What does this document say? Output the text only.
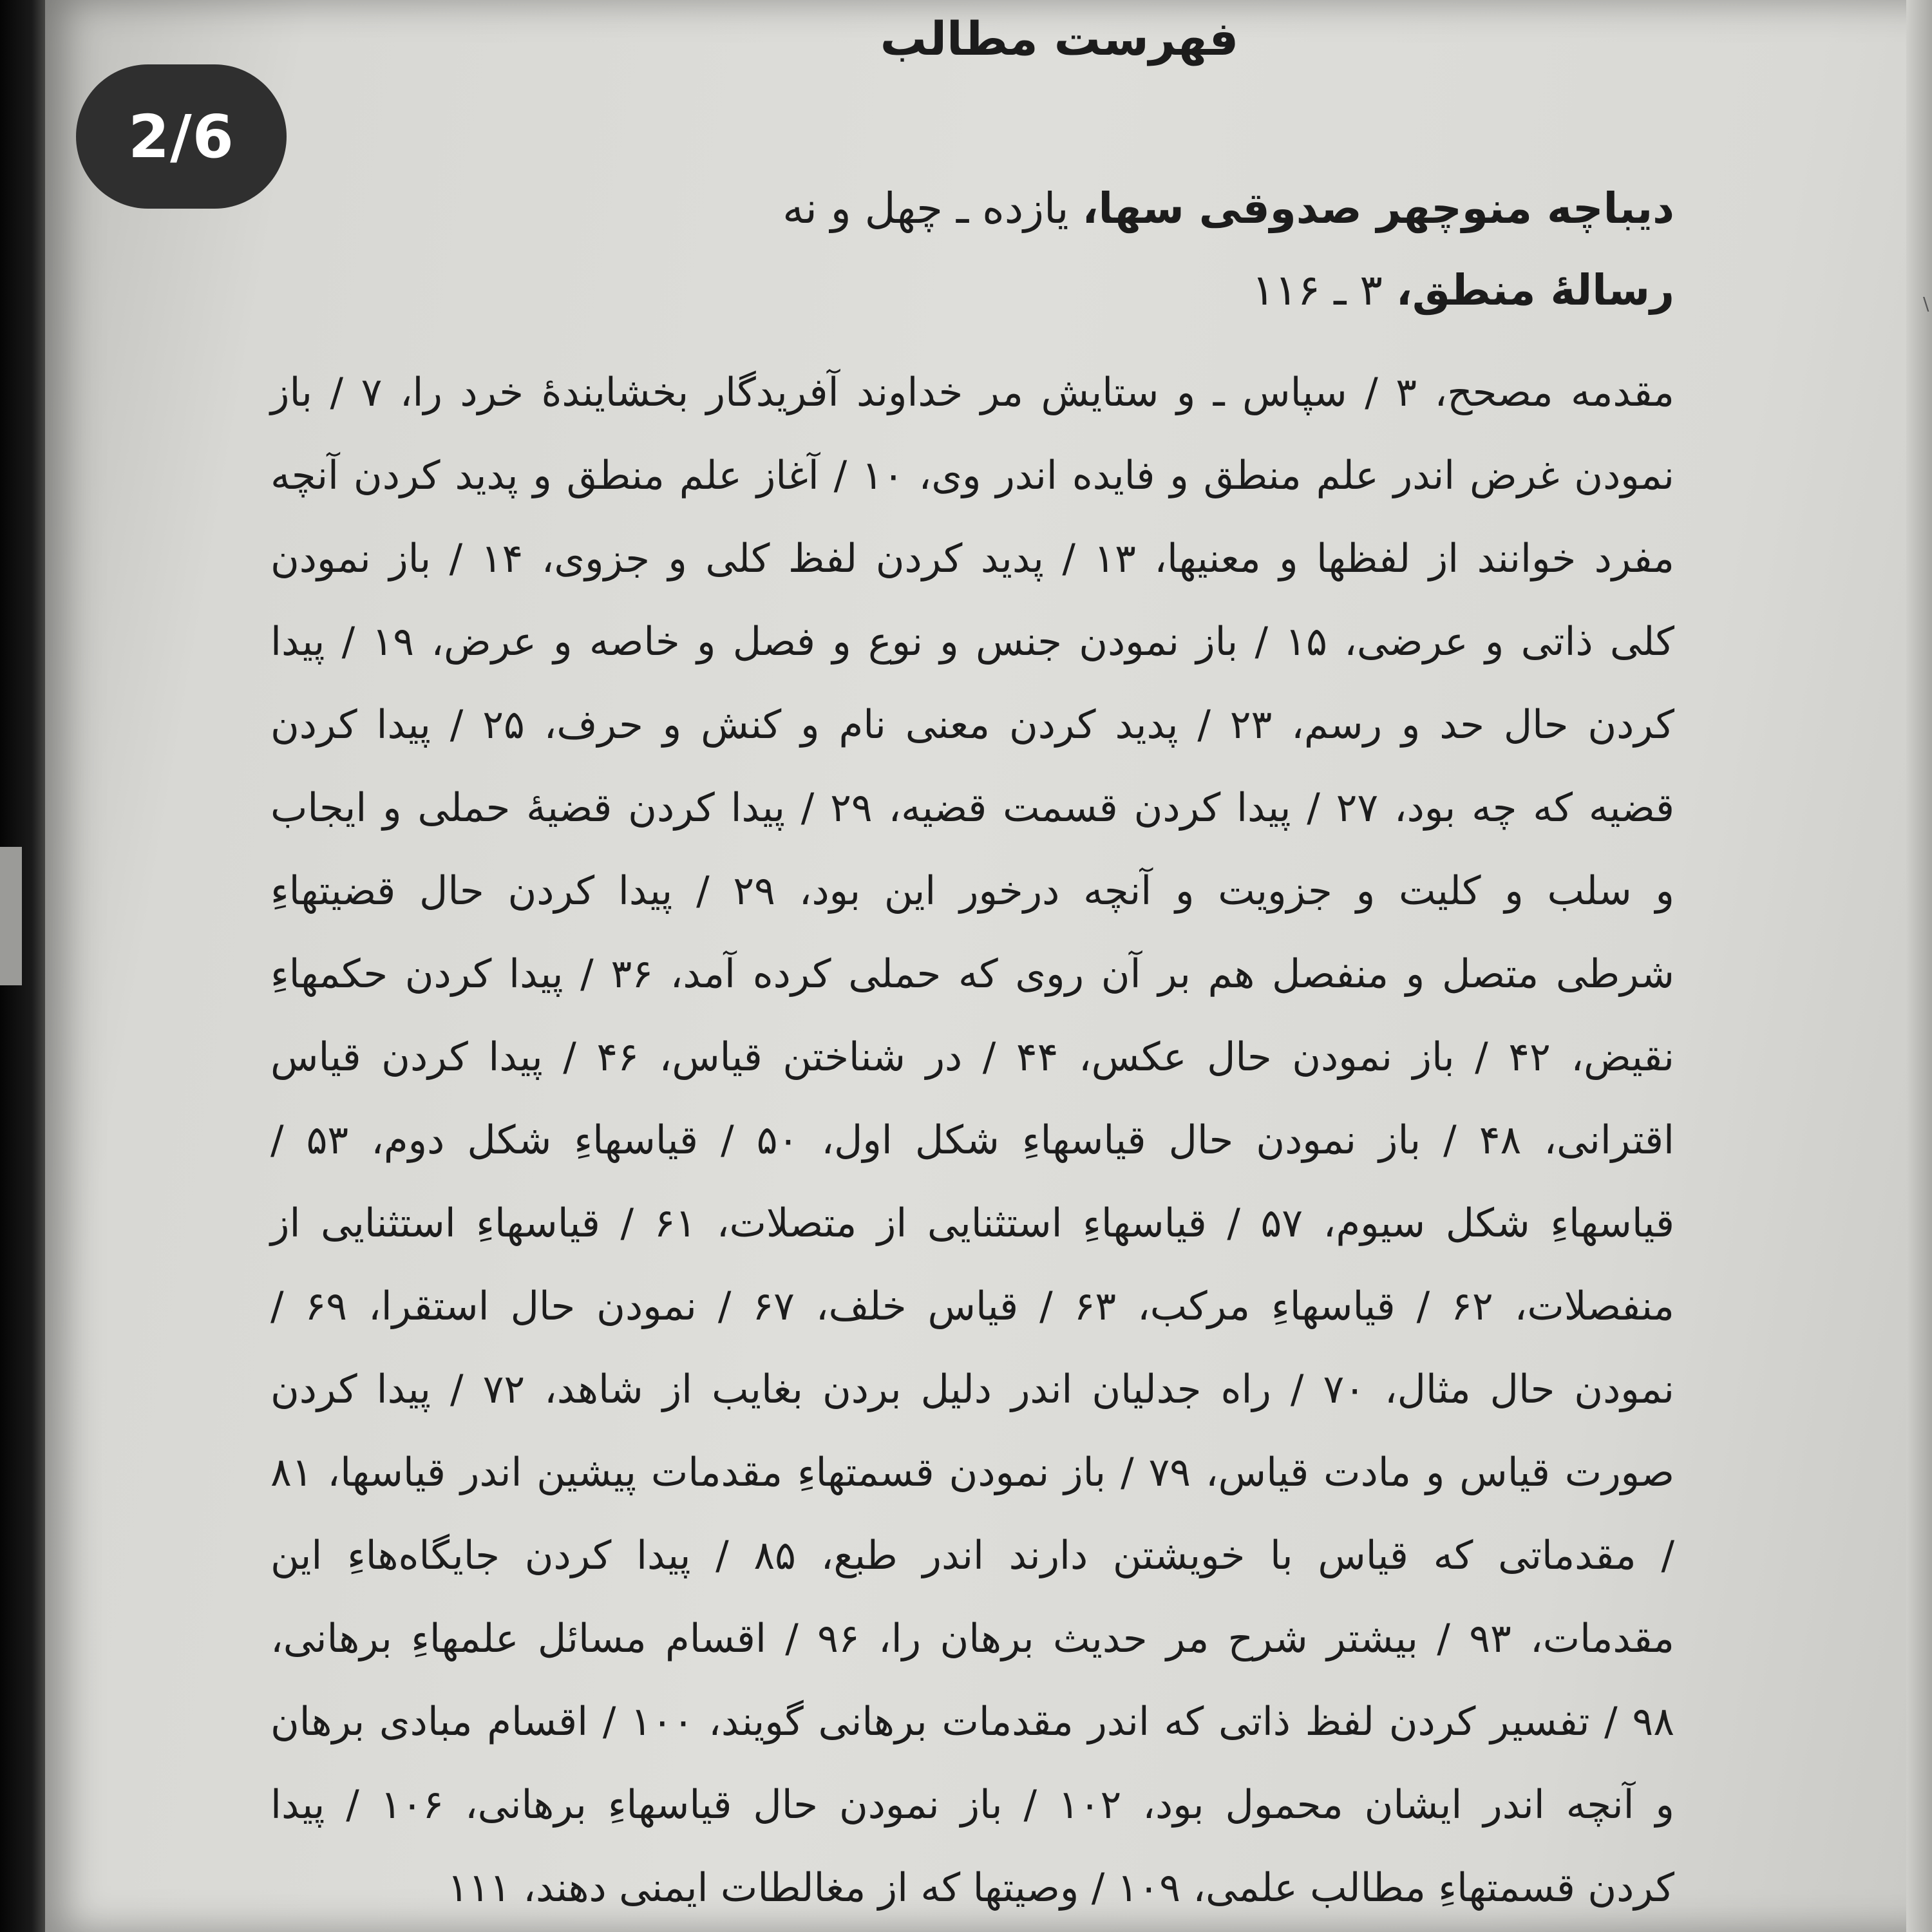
\
2/6
فهرست مطالب

دیباچه منوچهر صدوقی سها، یازده ـ چهل و نه

رسالهٔ منطق، ۳ ـ ۱۱۶

مقدمه مصحح، ۳ / سپاس ـ و ستایش مر خداوند آفریدگار بخشایندهٔ خرد را، ۷ / باز
نمودن غرض اندر علم منطق و فایده اندر وی، ۱۰ / آغاز علم منطق و پدید کردن آنچه
مفرد خوانند از لفظها و معنیها، ۱۳ / پدید کردن لفظ کلی و جزوی، ۱۴ / باز نمودن
کلی ذاتی و عرضی، ۱۵ / باز نمودن جنس و نوع و فصل و خاصه و عرض، ۱۹ / پیدا
کردن حال حد و رسم، ۲۳ / پدید کردن معنی نام و کنش و حرف، ۲۵ / پیدا کردن
قضیه که چه بود، ۲۷ / پیدا کردن قسمت قضیه، ۲۹ / پیدا کردن قضیهٔ حملی و ایجاب
و سلب و کلیت و جزویت و آنچه درخور این بود، ۲۹ / پیدا کردن حال قضیتهاءِ
شرطی متصل و منفصل هم بر آن روی که حملی کرده آمد، ۳۶ / پیدا کردن حکمهاءِ
نقیض، ۴۲ / باز نمودن حال عکس، ۴۴ / در شناختن قیاس، ۴۶ / پیدا کردن قیاس
اقترانی، ۴۸ / باز نمودن حال قیاسهاءِ شکل اول، ۵۰ / قیاسهاءِ شکل دوم، ۵۳ /
قیاسهاءِ شکل سیوم، ۵۷ / قیاسهاءِ استثنایی از متصلات، ۶۱ / قیاسهاءِ استثنایی از
منفصلات، ۶۲ / قیاسهاءِ مرکب، ۶۳ / قیاس خلف، ۶۷ / نمودن حال استقرا، ۶۹ /
نمودن حال مثال، ۷۰ / راه جدلیان اندر دلیل بردن بغایب از شاهد، ۷۲ / پیدا کردن
صورت قیاس و مادت قیاس، ۷۹ / باز نمودن قسمتهاءِ مقدمات پیشین اندر قیاسها، ۸۱
/ مقدماتی که قیاس با خویشتن دارند اندر طبع، ۸۵ / پیدا کردن جایگاه‌هاءِ این
مقدمات، ۹۳ / بیشتر شرح مر حدیث برهان را، ۹۶ / اقسام مسائل علمهاءِ برهانی،
۹۸ / تفسیر کردن لفظ ذاتی که اندر مقدمات برهانی گویند، ۱۰۰ / اقسام مبادی برهان
و آنچه اندر ایشان محمول بود، ۱۰۲ / باز نمودن حال قیاسهاءِ برهانی، ۱۰۶ / پیدا
کردن قسمتهاءِ مطالب علمی، ۱۰۹ / وصیتها که از مغالطات ایمنی دهند، ۱۱۱
